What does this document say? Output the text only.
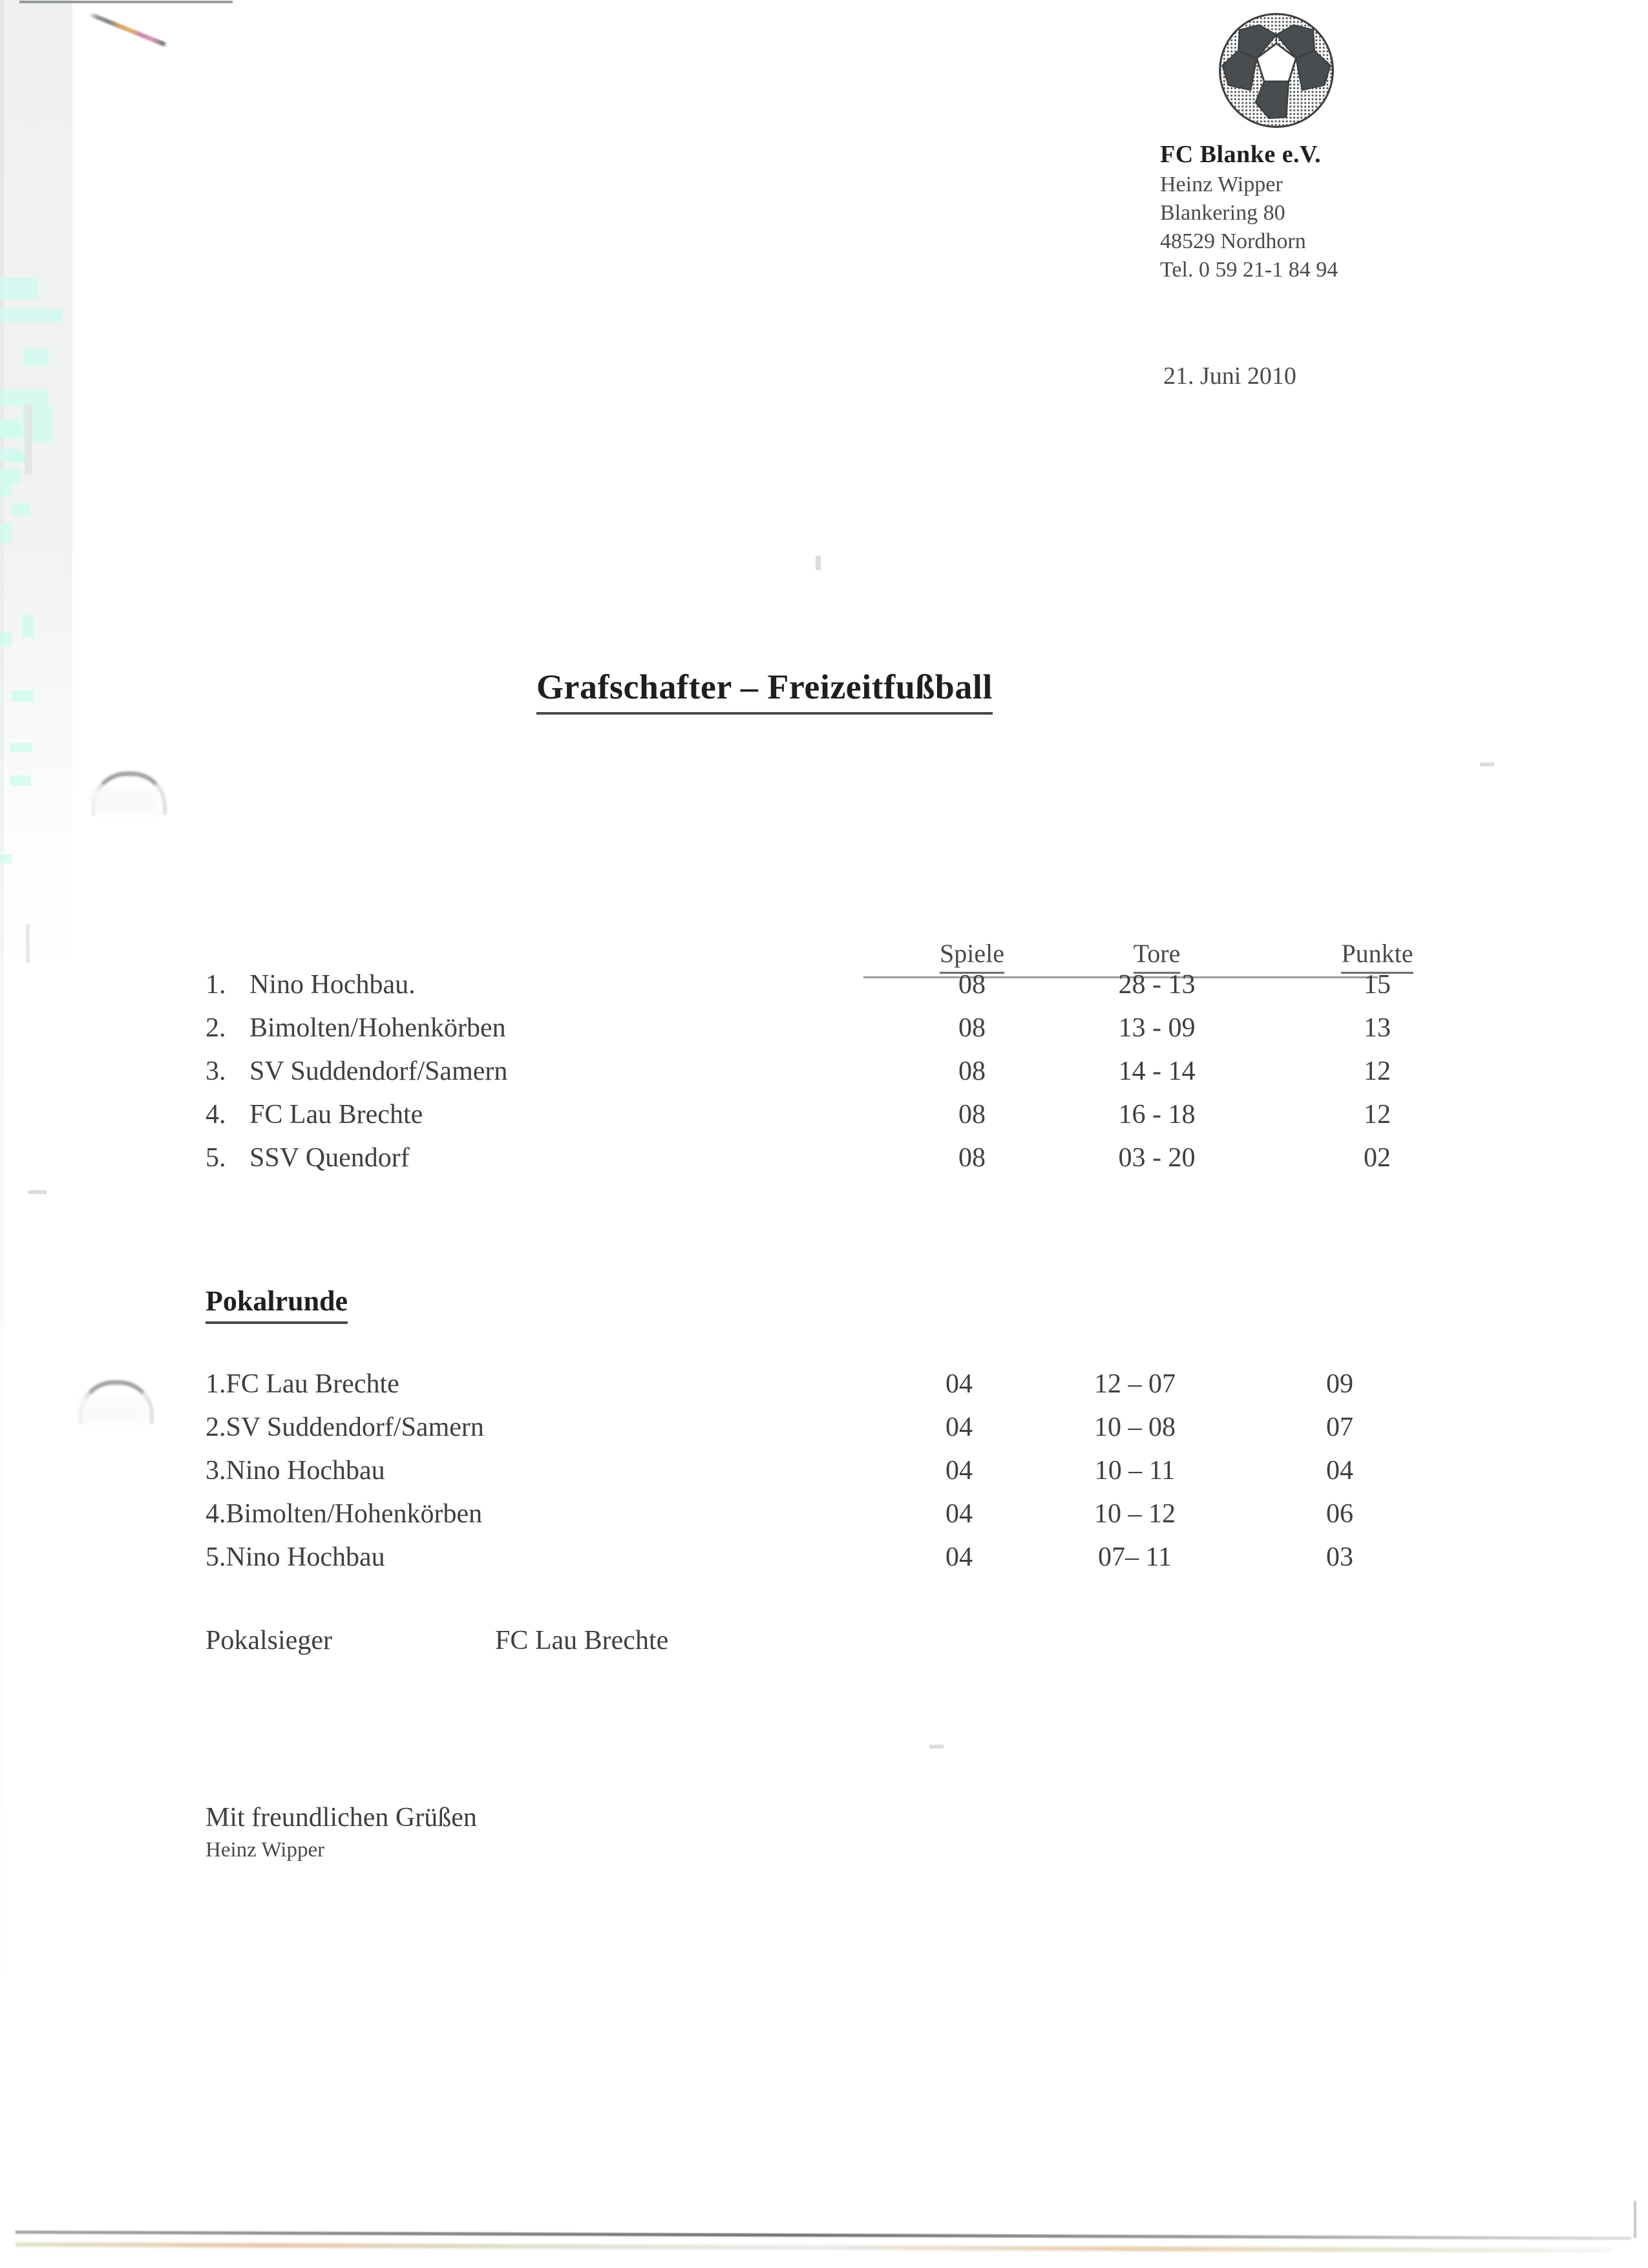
FC Blanke e.V.
Heinz Wipper
Blankering 80
48529 Nordhorn
Tel. 0 59 21-1 84 94
21. Juni 2010
Grafschafter – Freizeitfußball
Spiele	Tore	Punkte
1. Nino Hochbau.	08	28 - 13	15
2. Bimolten/Hohenkörben	08	13 - 09	13
3. SV Suddendorf/Samern	08	14 - 14	12
4. FC Lau Brechte	08	16 - 18	12
5. SSV Quendorf	08	03 - 20	02
Pokalrunde
1.FC Lau Brechte	04	12 – 07	09
2.SV Suddendorf/Samern	04	10 – 08	07
3.Nino Hochbau	04	10 – 11	04
4.Bimolten/Hohenkörben	04	10 – 12	06
5.Nino Hochbau	04	07– 11	03
Pokalsieger	FC Lau Brechte
Mit freundlichen Grüßen
Heinz Wipper
